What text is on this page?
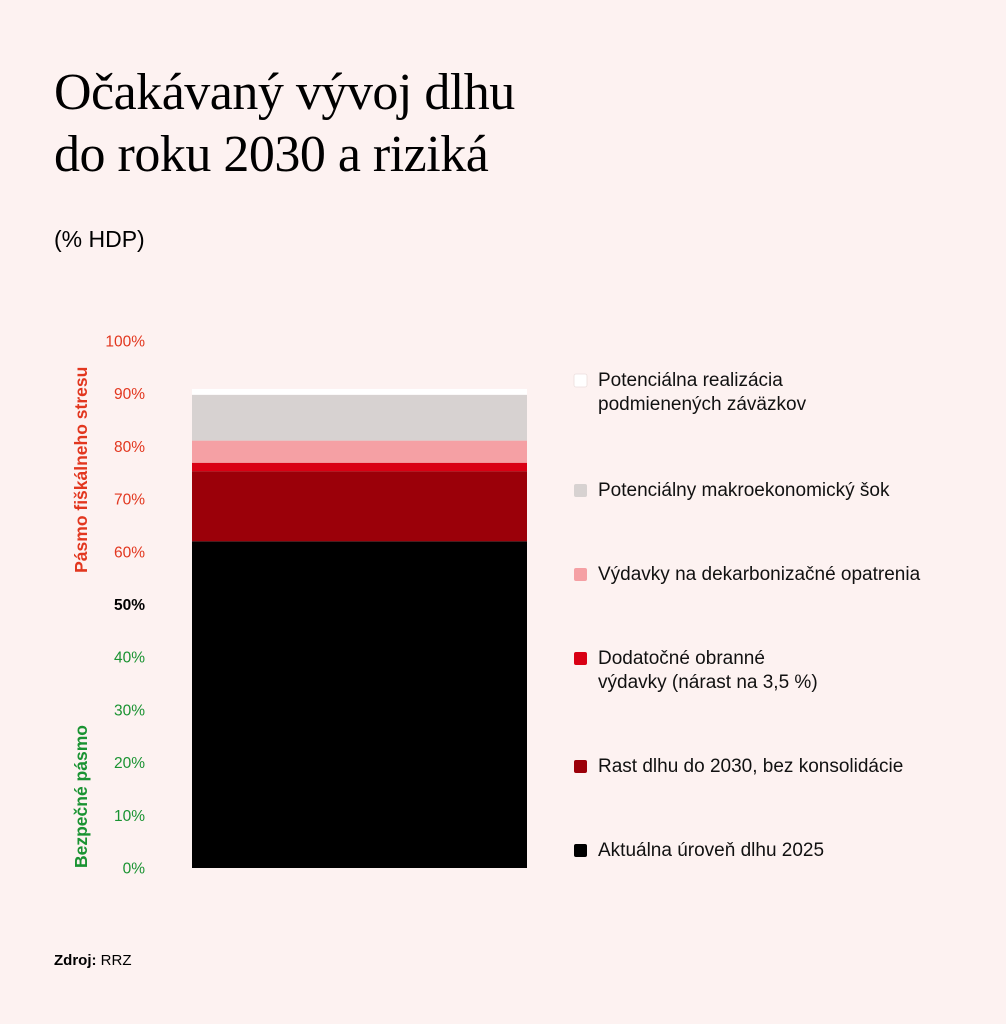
Očakávaný vývoj dlhu
do roku 2030 a riziká

(% HDP)

0%
10%
20%
30%
40%
50%
60%
70%
80%
90%
100%
Bezpečné pásmo
Pásmo fiškálneho stresu	Potenciálna realizácia
podmienených záväzkov
Potenciálny makroekonomický šok
Výdavky na dekarbonizačné opatrenia
Dodatočné obranné
výdavky (nárast na 3,5 %)
Rast dlhu do 2030, bez konsolidácie
Aktuálna úroveň dlhu 2025

Zdroj: RRZ
